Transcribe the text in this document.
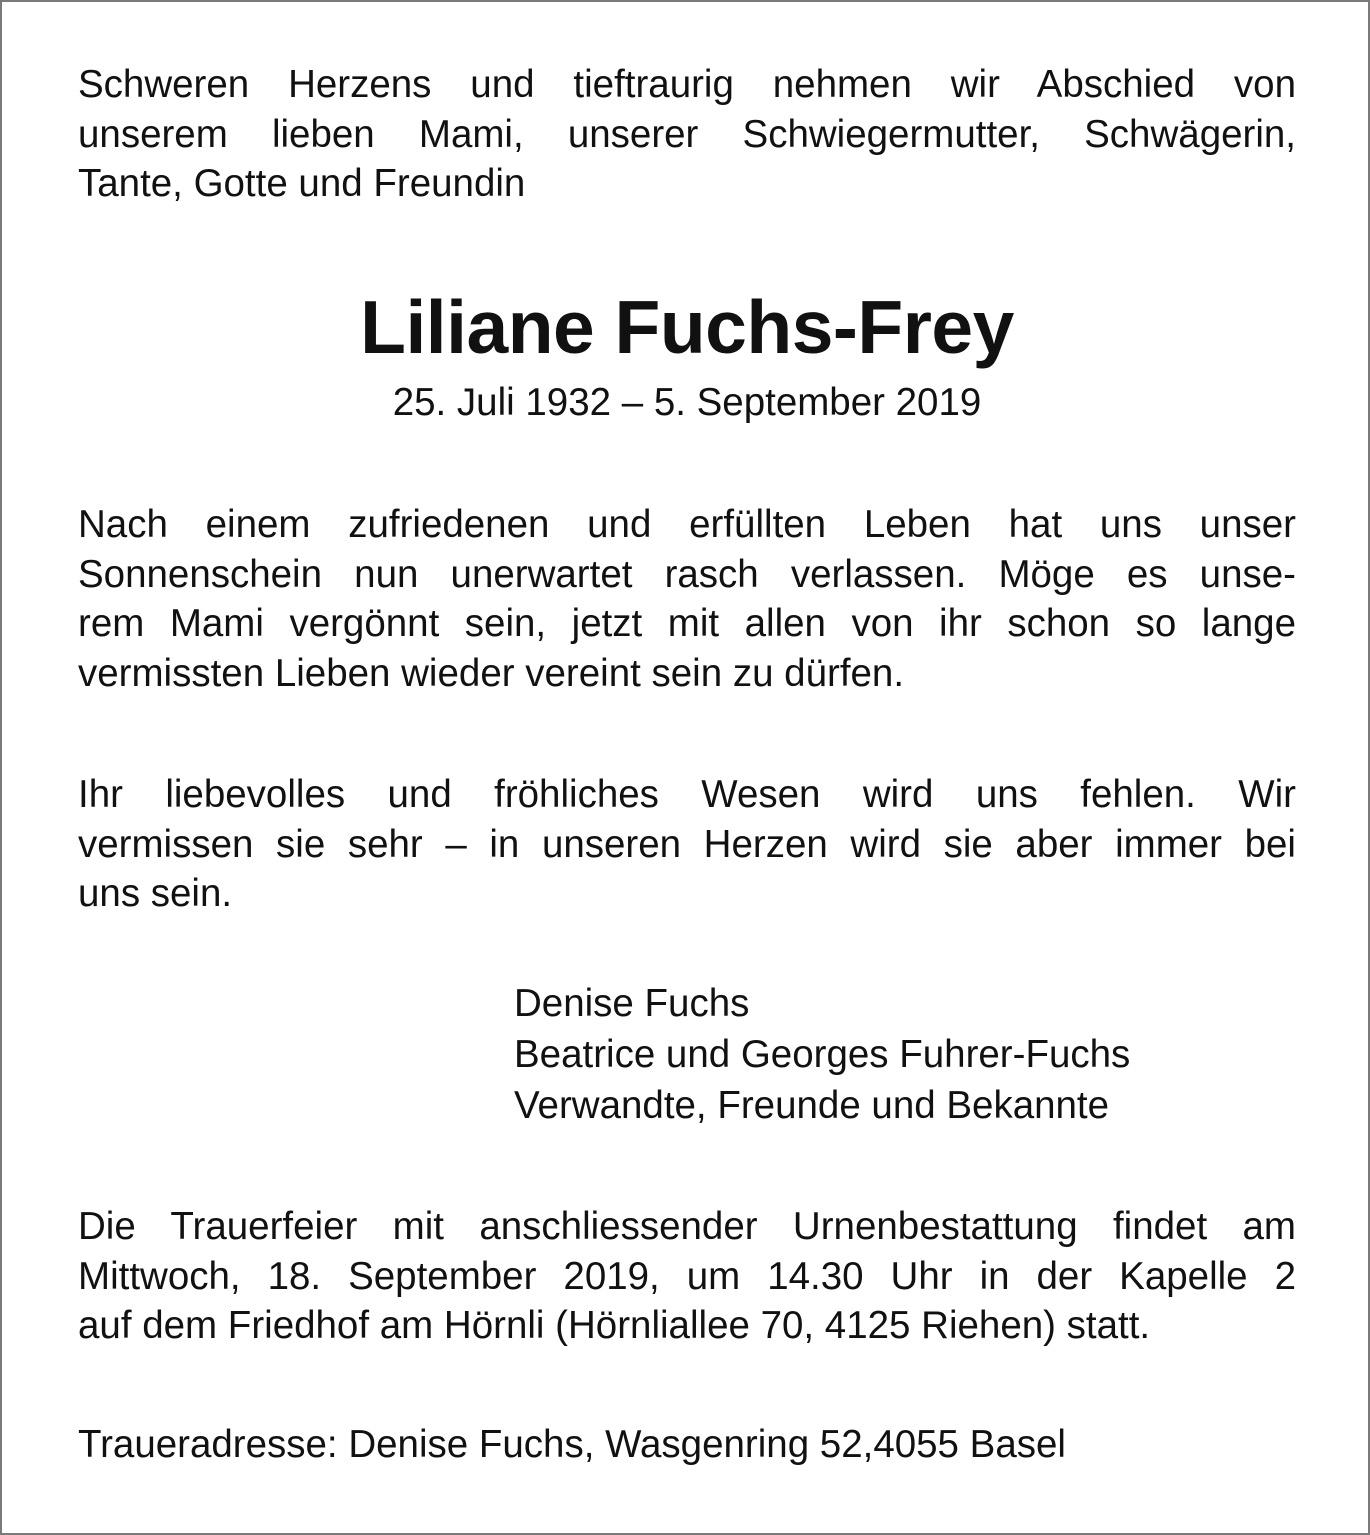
Schweren Herzens und tieftraurig nehmen wir Abschied von
unserem lieben Mami, unserer Schwiegermutter, Schwägerin,
Tante, Gotte und Freundin
Liliane Fuchs-Frey

25. Juli 1932 – 5. September 2019

Nach einem zufriedenen und erfüllten Leben hat uns unser
Sonnenschein nun unerwartet rasch verlassen. Möge es unse-
rem Mami vergönnt sein, jetzt mit allen von ihr schon so lange
vermissten Lieben wieder vereint sein zu dürfen.
Ihr liebevolles und fröhliches Wesen wird uns fehlen. Wir
vermissen sie sehr – in unseren Herzen wird sie aber immer bei
uns sein.
Denise Fuchs
Beatrice und Georges Fuhrer-Fuchs
Verwandte, Freunde und Bekannte
Die Trauerfeier mit anschliessender Urnenbestattung findet am
Mittwoch, 18. September 2019, um 14.30 Uhr in der Kapelle 2
auf dem Friedhof am Hörnli (Hörnliallee 70, 4125 Riehen) statt.

Traueradresse: Denise Fuchs, Wasgenring 52,4055 Basel
